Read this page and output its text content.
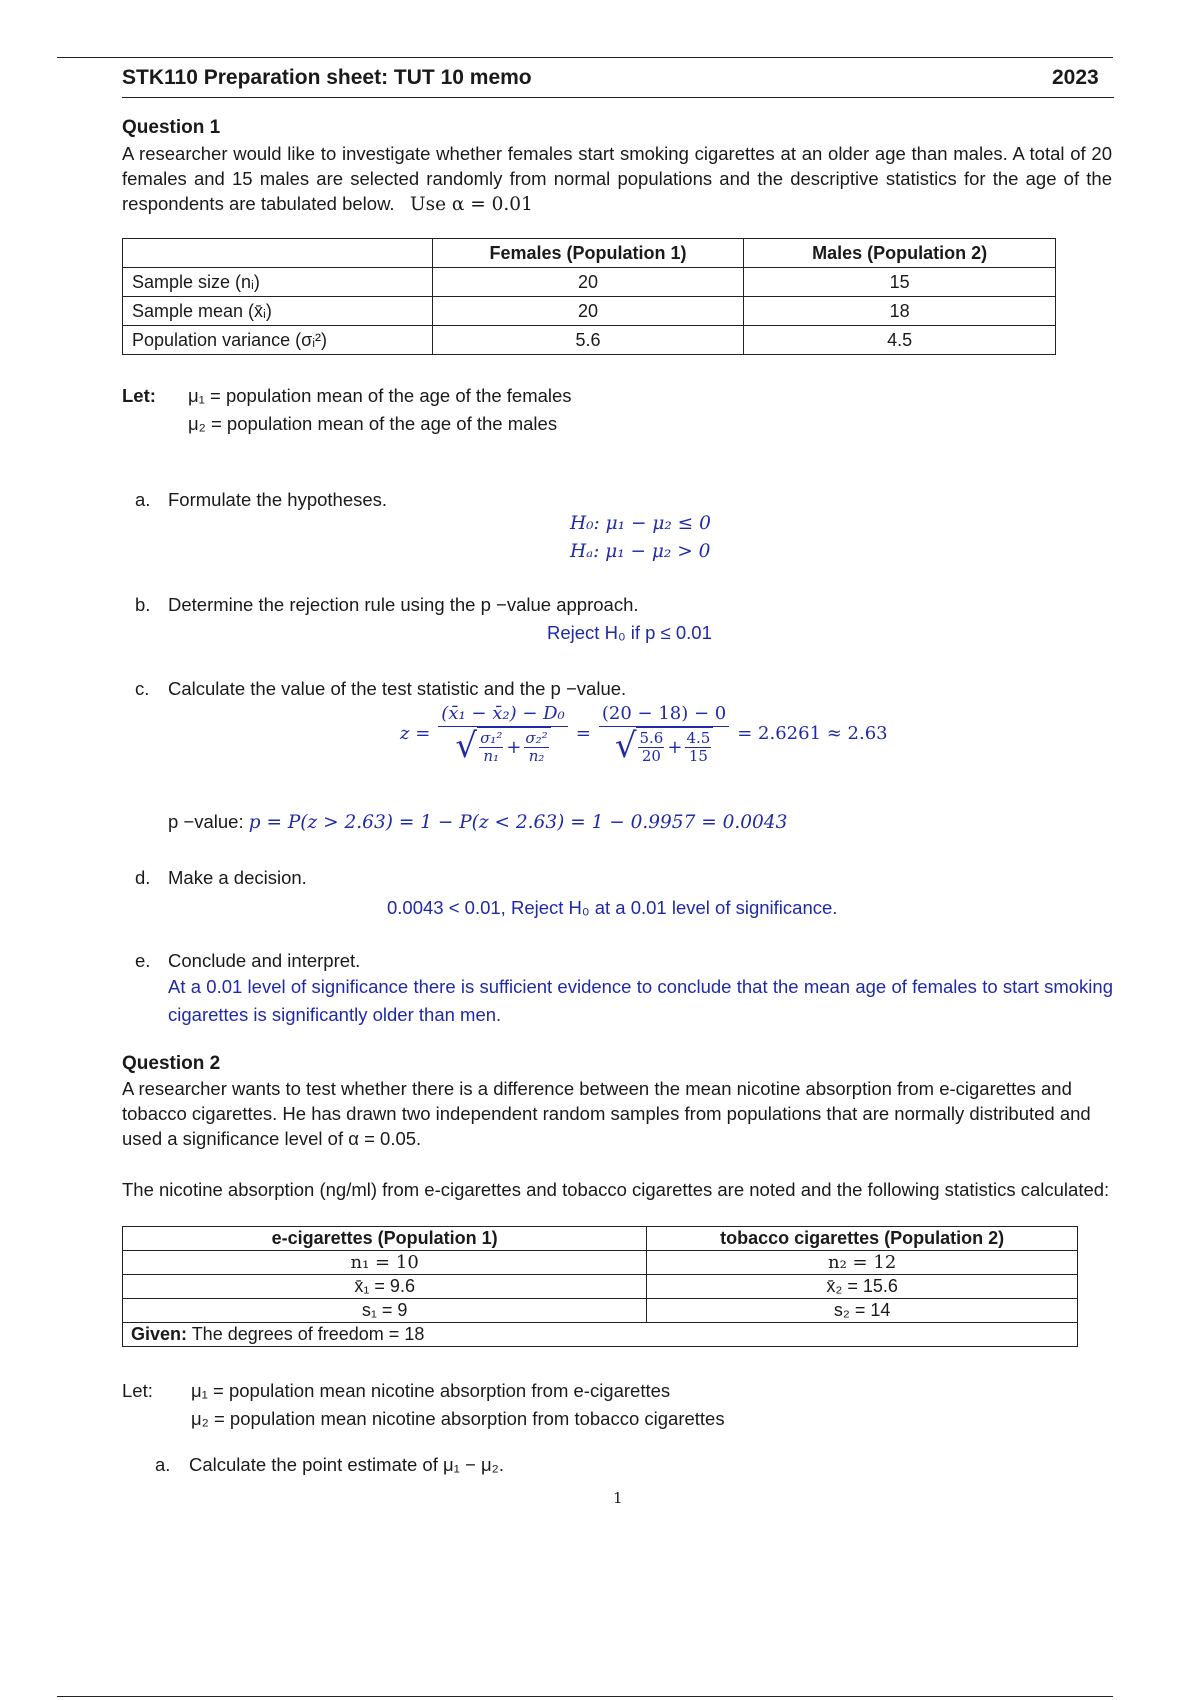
STK110 Preparation sheet: TUT 10 memo	2023
Question 1
A researcher would like to investigate whether females start smoking cigarettes at an older age than males. A total of 20 females and 15 males are selected randomly from normal populations and the descriptive statistics for the age of the respondents are tabulated below. Use α = 0.01
	Females (Population 1)	Males (Population 2)
Sample size (nᵢ)	20	15
Sample mean (x̄ᵢ)	20	18
Population variance (σᵢ²)	5.6	4.5
Let: μ₁ = population mean of the age of the females
μ₂ = population mean of the age of the males
a. Formulate the hypotheses.
H₀: μ₁ − μ₂ ≤ 0
Hₐ: μ₁ − μ₂ > 0
b. Determine the rejection rule using the p −value approach.
Reject H₀ if p ≤ 0.01
c. Calculate the value of the test statistic and the p −value.
z =
(x̄₁ − x̄₂) − D₀
√ $\frac{\text{σ₁²}}{\text{n₁}} + \frac{\text{σ₂²}}{\text{n₂}}$ =
(20 − 18) − 0
√ $\frac{5.6}{20} + \frac{4.5}{15} = 2.6261 \approx 2.63$
p −value: p = P(z > 2.63) = 1 − P(z < 2.63) = 1 − 0.9957 = 0.0043
d. Make a decision.
0.0043 < 0.01, Reject H₀ at a 0.01 level of significance.
e. Conclude and interpret.
At a 0.01 level of significance there is sufficient evidence to conclude that the mean age of females to start smoking cigarettes is significantly older than men.
Question 2
A researcher wants to test whether there is a difference between the mean nicotine absorption from e-cigarettes and tobacco cigarettes. He has drawn two independent random samples from populations that are normally distributed and used a significance level of α = 0.05.
The nicotine absorption (ng/ml) from e-cigarettes and tobacco cigarettes are noted and the following statistics calculated:
e-cigarettes (Population 1)	tobacco cigarettes (Population 2)
n₁ = 10	n₂ = 12
x̄₁ = 9.6	x̄₂ = 15.6
s₁ = 9	s₂ = 14
Given: The degrees of freedom = 18	
Let: μ₁ = population mean nicotine absorption from e-cigarettes
μ₂ = population mean nicotine absorption from tobacco cigarettes
a. Calculate the point estimate of μ₁ − μ₂.
1
